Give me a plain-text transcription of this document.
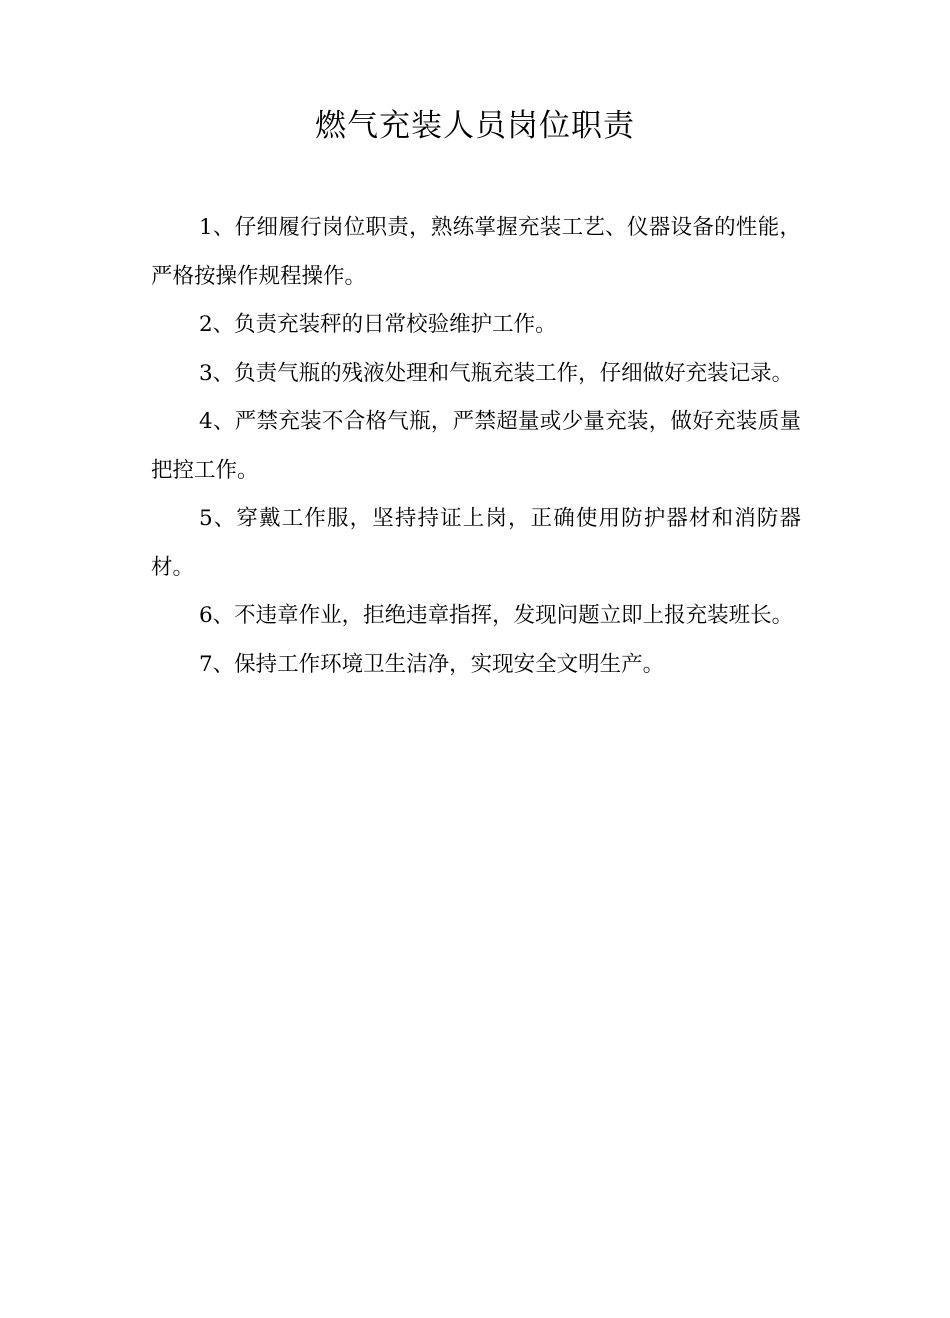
燃气充装人员岗位职责

1、仔细履行岗位职责，熟练掌握充装工艺、仪器设备的性能，严格按操作规程操作。

2、负责充装秤的日常校验维护工作。

3、负责气瓶的残液处理和气瓶充装工作，仔细做好充装记录。

4、严禁充装不合格气瓶，严禁超量或少量充装，做好充装质量把控工作。

5、穿戴工作服，坚持持证上岗，正确使用防护器材和消防器材。

6、不违章作业，拒绝违章指挥，发现问题立即上报充装班长。

7、保持工作环境卫生洁净，实现安全文明生产。
